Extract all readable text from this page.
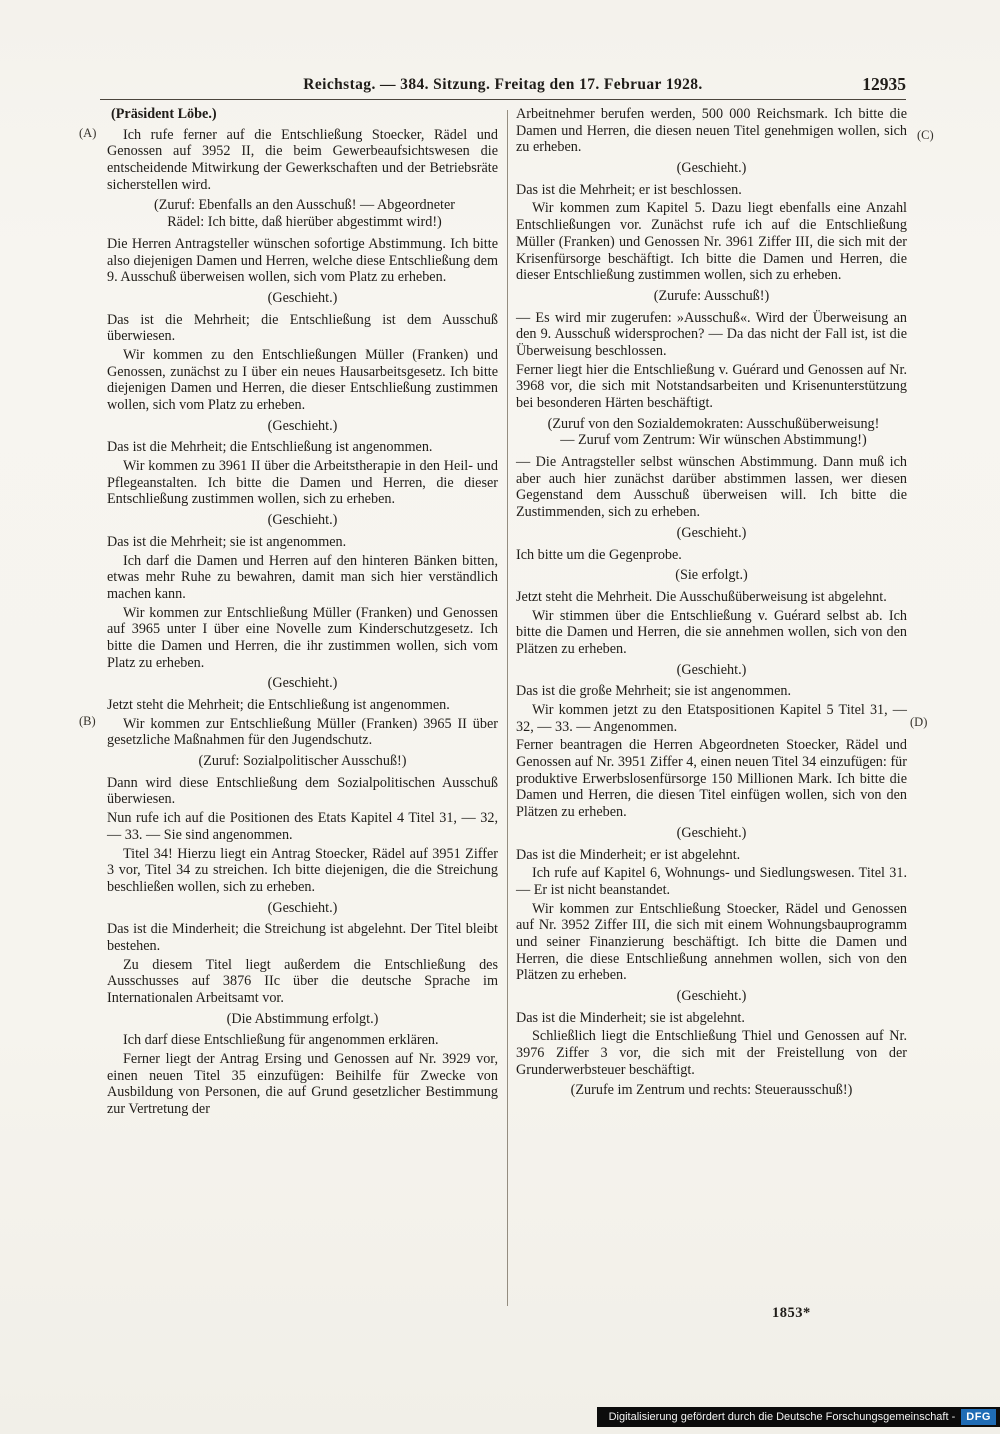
Reichstag. — 384. Sitzung. Freitag den 17. Februar 1928.	12935
(A)
(B)
(C)
(D)

(Präsident Löbe.)

Ich rufe ferner auf die Entschließung Stoecker, Rädel und Genossen auf 3952 II, die beim Gewerbeaufsichtswesen die entscheidende Mitwirkung der Gewerkschaften und der Betriebsräte sicherstellen wird.

(Zuruf: Ebenfalls an den Ausschuß! — Abgeordneter Rädel: Ich bitte, daß hierüber abgestimmt wird!)

Die Herren Antragsteller wünschen sofortige Abstimmung. Ich bitte also diejenigen Damen und Herren, welche diese Entschließung dem 9. Ausschuß überweisen wollen, sich vom Platz zu erheben.

(Geschieht.)

Das ist die Mehrheit; die Entschließung ist dem Ausschuß überwiesen.

Wir kommen zu den Entschließungen Müller (Franken) und Genossen, zunächst zu I über ein neues Hausarbeitsgesetz. Ich bitte diejenigen Damen und Herren, die dieser Entschließung zustimmen wollen, sich vom Platz zu erheben.

(Geschieht.)

Das ist die Mehrheit; die Entschließung ist angenommen.

Wir kommen zu 3961 II über die Arbeitstherapie in den Heil- und Pflegeanstalten. Ich bitte die Damen und Herren, die dieser Entschließung zustimmen wollen, sich zu erheben.

(Geschieht.)

Das ist die Mehrheit; sie ist angenommen.

Ich darf die Damen und Herren auf den hinteren Bänken bitten, etwas mehr Ruhe zu bewahren, damit man sich hier verständlich machen kann.

Wir kommen zur Entschließung Müller (Franken) und Genossen auf 3965 unter I über eine Novelle zum Kinderschutzgesetz. Ich bitte die Damen und Herren, die ihr zustimmen wollen, sich vom Platz zu erheben.

(Geschieht.)

Jetzt steht die Mehrheit; die Entschließung ist angenommen.

Wir kommen zur Entschließung Müller (Franken) 3965 II über gesetzliche Maßnahmen für den Jugendschutz.

(Zuruf: Sozialpolitischer Ausschuß!)

Dann wird diese Entschließung dem Sozialpolitischen Ausschuß überwiesen.

Nun rufe ich auf die Positionen des Etats Kapitel 4 Titel 31, — 32, — 33. — Sie sind angenommen.

Titel 34! Hierzu liegt ein Antrag Stoecker, Rädel auf 3951 Ziffer 3 vor, Titel 34 zu streichen. Ich bitte diejenigen, die die Streichung beschließen wollen, sich zu erheben.

(Geschieht.)

Das ist die Minderheit; die Streichung ist abgelehnt. Der Titel bleibt bestehen.

Zu diesem Titel liegt außerdem die Entschließung des Ausschusses auf 3876 IIc über die deutsche Sprache im Internationalen Arbeitsamt vor.

(Die Abstimmung erfolgt.)

Ich darf diese Entschließung für angenommen erklären.

Ferner liegt der Antrag Ersing und Genossen auf Nr. 3929 vor, einen neuen Titel 35 einzufügen: Beihilfe für Zwecke von Ausbildung von Personen, die auf Grund gesetzlicher Bestimmung zur Vertretung der

Arbeitnehmer berufen werden, 500 000 Reichsmark. Ich bitte die Damen und Herren, die diesen neuen Titel genehmigen wollen, sich zu erheben.

(Geschieht.)

Das ist die Mehrheit; er ist beschlossen.

Wir kommen zum Kapitel 5. Dazu liegt ebenfalls eine Anzahl Entschließungen vor. Zunächst rufe ich auf die Entschließung Müller (Franken) und Genossen Nr. 3961 Ziffer III, die sich mit der Krisenfürsorge beschäftigt. Ich bitte die Damen und Herren, die dieser Entschließung zustimmen wollen, sich zu erheben.

(Zurufe: Ausschuß!)

— Es wird mir zugerufen: »Ausschuß«. Wird der Überweisung an den 9. Ausschuß widersprochen? — Da das nicht der Fall ist, ist die Überweisung beschlossen.

Ferner liegt hier die Entschließung v. Guérard und Genossen auf Nr. 3968 vor, die sich mit Notstandsarbeiten und Krisenunterstützung bei besonderen Härten beschäftigt.

(Zuruf von den Sozialdemokraten: Ausschußüberweisung! — Zuruf vom Zentrum: Wir wünschen Abstimmung!)

— Die Antragsteller selbst wünschen Abstimmung. Dann muß ich aber auch hier zunächst darüber abstimmen lassen, wer diesen Gegenstand dem Ausschuß überweisen will. Ich bitte die Zustimmenden, sich zu erheben.

(Geschieht.)

Ich bitte um die Gegenprobe.

(Sie erfolgt.)

Jetzt steht die Mehrheit. Die Ausschußüberweisung ist abgelehnt.

Wir stimmen über die Entschließung v. Guérard selbst ab. Ich bitte die Damen und Herren, die sie annehmen wollen, sich von den Plätzen zu erheben.

(Geschieht.)

Das ist die große Mehrheit; sie ist angenommen.

Wir kommen jetzt zu den Etatspositionen Kapitel 5 Titel 31, — 32, — 33. — Angenommen.

Ferner beantragen die Herren Abgeordneten Stoecker, Rädel und Genossen auf Nr. 3951 Ziffer 4, einen neuen Titel 34 einzufügen: für produktive Erwerbslosenfürsorge 150 Millionen Mark. Ich bitte die Damen und Herren, die diesen Titel einfügen wollen, sich von den Plätzen zu erheben.

(Geschieht.)

Das ist die Minderheit; er ist abgelehnt.

Ich rufe auf Kapitel 6, Wohnungs- und Siedlungswesen. Titel 31. — Er ist nicht beanstandet.

Wir kommen zur Entschließung Stoecker, Rädel und Genossen auf Nr. 3952 Ziffer III, die sich mit einem Wohnungsbauprogramm und seiner Finanzierung beschäftigt. Ich bitte die Damen und Herren, die diese Entschließung annehmen wollen, sich von den Plätzen zu erheben.

(Geschieht.)

Das ist die Minderheit; sie ist abgelehnt.

Schließlich liegt die Entschließung Thiel und Genossen auf Nr. 3976 Ziffer 3 vor, die sich mit der Freistellung von der Grunderwerbsteuer beschäftigt.

(Zurufe im Zentrum und rechts: Steuerausschuß!)

1853*
Digitalisierung gefördert durch die Deutsche Forschungsgemeinschaft -	DFG
